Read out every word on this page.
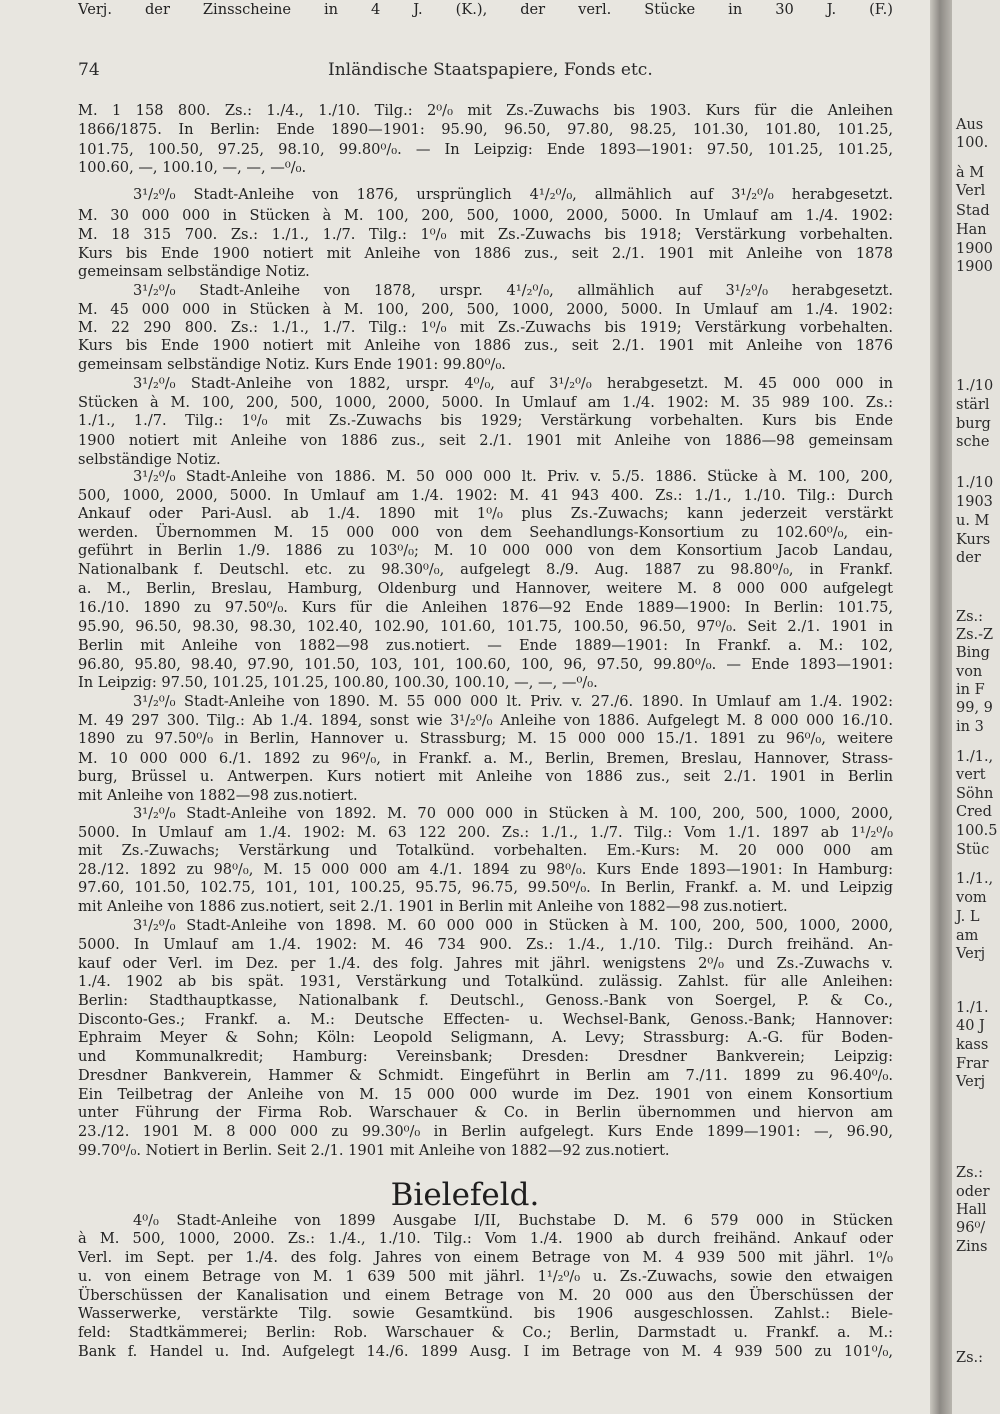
74	Inländische Staatspapiere, Fonds etc.
M. 1 158 800. Zs.: 1./4., 1./10. Tilg.: 2⁰/₀ mit Zs.-Zuwachs bis 1903. Kurs für die Anleihen
1866/1875. In Berlin: Ende 1890—1901: 95.90, 96.50, 97.80, 98.25, 101.30, 101.80, 101.25,
101.75, 100.50, 97.25, 98.10, 99.80⁰/₀. — In Leipzig: Ende 1893—1901: 97.50, 101.25, 101.25,
100.60, —, 100.10, —, —, —⁰/₀.
3¹/₂⁰/₀ Stadt-Anleihe von 1876, ursprünglich 4¹/₂⁰/₀, allmählich auf 3¹/₂⁰/₀ herabgesetzt.
M. 30 000 000 in Stücken à M. 100, 200, 500, 1000, 2000, 5000. In Umlauf am 1./4. 1902:
M. 18 315 700. Zs.: 1./1., 1./7. Tilg.: 1⁰/₀ mit Zs.-Zuwachs bis 1918; Verstärkung vorbehalten.
Kurs bis Ende 1900 notiert mit Anleihe von 1886 zus., seit 2./1. 1901 mit Anleihe von 1878
gemeinsam selbständige Notiz.
3¹/₂⁰/₀ Stadt-Anleihe von 1878, urspr. 4¹/₂⁰/₀, allmählich auf 3¹/₂⁰/₀ herabgesetzt.
M. 45 000 000 in Stücken à M. 100, 200, 500, 1000, 2000, 5000. In Umlauf am 1./4. 1902:
M. 22 290 800. Zs.: 1./1., 1./7. Tilg.: 1⁰/₀ mit Zs.-Zuwachs bis 1919; Verstärkung vorbehalten.
Kurs bis Ende 1900 notiert mit Anleihe von 1886 zus., seit 2./1. 1901 mit Anleihe von 1876
gemeinsam selbständige Notiz. Kurs Ende 1901: 99.80⁰/₀.
3¹/₂⁰/₀ Stadt-Anleihe von 1882, urspr. 4⁰/₀, auf 3¹/₂⁰/₀ herabgesetzt. M. 45 000 000 in
Stücken à M. 100, 200, 500, 1000, 2000, 5000. In Umlauf am 1./4. 1902: M. 35 989 100. Zs.:
1./1., 1./7. Tilg.: 1⁰/₀ mit Zs.-Zuwachs bis 1929; Verstärkung vorbehalten. Kurs bis Ende
1900 notiert mit Anleihe von 1886 zus., seit 2./1. 1901 mit Anleihe von 1886—98 gemeinsam
selbständige Notiz.
3¹/₂⁰/₀ Stadt-Anleihe von 1886. M. 50 000 000 lt. Priv. v. 5./5. 1886. Stücke à M. 100, 200,
500, 1000, 2000, 5000. In Umlauf am 1./4. 1902: M. 41 943 400. Zs.: 1./1., 1./10. Tilg.: Durch
Ankauf oder Pari-Ausl. ab 1./4. 1890 mit 1⁰/₀ plus Zs.-Zuwachs; kann jederzeit verstärkt
werden. Übernommen M. 15 000 000 von dem Seehandlungs-Konsortium zu 102.60⁰/₀, ein-
geführt in Berlin 1./9. 1886 zu 103⁰/₀; M. 10 000 000 von dem Konsortium Jacob Landau,
Nationalbank f. Deutschl. etc. zu 98.30⁰/₀, aufgelegt 8./9. Aug. 1887 zu 98.80⁰/₀, in Frankf.
a. M., Berlin, Breslau, Hamburg, Oldenburg und Hannover, weitere M. 8 000 000 aufgelegt
16./10. 1890 zu 97.50⁰/₀. Kurs für die Anleihen 1876—92 Ende 1889—1900: In Berlin: 101.75,
95.90, 96.50, 98.30, 98.30, 102.40, 102.90, 101.60, 101.75, 100.50, 96.50, 97⁰/₀. Seit 2./1. 1901 in
Berlin mit Anleihe von 1882—98 zus.notiert. — Ende 1889—1901: In Frankf. a. M.: 102,
96.80, 95.80, 98.40, 97.90, 101.50, 103, 101, 100.60, 100, 96, 97.50, 99.80⁰/₀. — Ende 1893—1901:
In Leipzig: 97.50, 101.25, 101.25, 100.80, 100.30, 100.10, —, —, —⁰/₀.
3¹/₂⁰/₀ Stadt-Anleihe von 1890. M. 55 000 000 lt. Priv. v. 27./6. 1890. In Umlauf am 1./4. 1902:
M. 49 297 300. Tilg.: Ab 1./4. 1894, sonst wie 3¹/₂⁰/₀ Anleihe von 1886. Aufgelegt M. 8 000 000 16./10.
1890 zu 97.50⁰/₀ in Berlin, Hannover u. Strassburg; M. 15 000 000 15./1. 1891 zu 96⁰/₀, weitere
M. 10 000 000 6./1. 1892 zu 96⁰/₀, in Frankf. a. M., Berlin, Bremen, Breslau, Hannover, Strass-
burg, Brüssel u. Antwerpen. Kurs notiert mit Anleihe von 1886 zus., seit 2./1. 1901 in Berlin
mit Anleihe von 1882—98 zus.notiert.
3¹/₂⁰/₀ Stadt-Anleihe von 1892. M. 70 000 000 in Stücken à M. 100, 200, 500, 1000, 2000,
5000. In Umlauf am 1./4. 1902: M. 63 122 200. Zs.: 1./1., 1./7. Tilg.: Vom 1./1. 1897 ab 1¹/₂⁰/₀
mit Zs.-Zuwachs; Verstärkung und Totalkünd. vorbehalten. Em.-Kurs: M. 20 000 000 am
28./12. 1892 zu 98⁰/₀, M. 15 000 000 am 4./1. 1894 zu 98⁰/₀. Kurs Ende 1893—1901: In Hamburg:
97.60, 101.50, 102.75, 101, 101, 100.25, 95.75, 96.75, 99.50⁰/₀. In Berlin, Frankf. a. M. und Leipzig
mit Anleihe von 1886 zus.notiert, seit 2./1. 1901 in Berlin mit Anleihe von 1882—98 zus.notiert.
3¹/₂⁰/₀ Stadt-Anleihe von 1898. M. 60 000 000 in Stücken à M. 100, 200, 500, 1000, 2000,
5000. In Umlauf am 1./4. 1902: M. 46 734 900. Zs.: 1./4., 1./10. Tilg.: Durch freihänd. An-
kauf oder Verl. im Dez. per 1./4. des folg. Jahres mit jährl. wenigstens 2⁰/₀ und Zs.-Zuwachs v.
1./4. 1902 ab bis spät. 1931, Verstärkung und Totalkünd. zulässig. Zahlst. für alle Anleihen:
Berlin: Stadthauptkasse, Nationalbank f. Deutschl., Genoss.-Bank von Soergel, P. & Co.,
Disconto-Ges.; Frankf. a. M.: Deutsche Effecten- u. Wechsel-Bank, Genoss.-Bank; Hannover:
Ephraim Meyer & Sohn; Köln: Leopold Seligmann, A. Levy; Strassburg: A.-G. für Boden-
und Kommunalkredit; Hamburg: Vereinsbank; Dresden: Dresdner Bankverein; Leipzig:
Dresdner Bankverein, Hammer & Schmidt. Eingeführt in Berlin am 7./11. 1899 zu 96.40⁰/₀.
Ein Teilbetrag der Anleihe von M. 15 000 000 wurde im Dez. 1901 von einem Konsortium
unter Führung der Firma Rob. Warschauer & Co. in Berlin übernommen und hiervon am
23./12. 1901 M. 8 000 000 zu 99.30⁰/₀ in Berlin aufgelegt. Kurs Ende 1899—1901: —, 96.90,
99.70⁰/₀. Notiert in Berlin. Seit 2./1. 1901 mit Anleihe von 1882—92 zus.notiert.
Verj. der Zinsscheine in 4 J. (K.), der verl. Stücke in 30 J. (F.)
Bielefeld.
4⁰/₀ Stadt-Anleihe von 1899 Ausgabe I/II, Buchstabe D. M. 6 579 000 in Stücken
à M. 500, 1000, 2000. Zs.: 1./4., 1./10. Tilg.: Vom 1./4. 1900 ab durch freihänd. Ankauf oder
Verl. im Sept. per 1./4. des folg. Jahres von einem Betrage von M. 4 939 500 mit jährl. 1⁰/₀
u. von einem Betrage von M. 1 639 500 mit jährl. 1¹/₂⁰/₀ u. Zs.-Zuwachs, sowie den etwaigen
Überschüssen der Kanalisation und einem Betrage von M. 20 000 aus den Überschüssen der
Wasserwerke, verstärkte Tilg. sowie Gesamtkünd. bis 1906 ausgeschlossen. Zahlst.: Biele-
feld: Stadtkämmerei; Berlin: Rob. Warschauer & Co.; Berlin, Darmstadt u. Frankf. a. M.:
Bank f. Handel u. Ind. Aufgelegt 14./6. 1899 Ausg. I im Betrage von M. 4 939 500 zu 101⁰/₀,
Aus
100.
à M
Verl
Stad
Han
1900
1900
1./10
stärl
burg
sche
1./10
1903
u. M
Kurs
der
Zs.:
Zs.-Z
Bing
von
in F
99, 9
in 3
1./1.,
vert
Söhn
Cred
100.5
Stüc
1./1.,
vom
J. L
am
Verj
1./1.
40 J
kass
Frar
Verj
Zs.:
oder
Hall
96⁰/
Zins
Zs.:
